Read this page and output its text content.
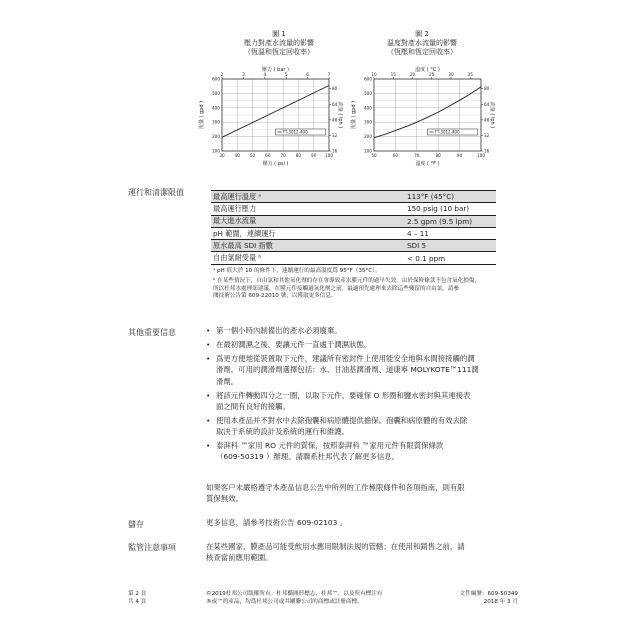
圖 1
壓力對產水流量的影響
（恆溫和恆定回收率）
圖 2
溫度對產水流量的影響
（恆壓和恆定回收率）
30 40 50 60 70 80 90 100
2	3	4	5	6	7
100
200
300
400
500
600
16
32
48
64
80
壓力 ( psi )
壓力 ( bar )
流量 ( gpd )	流量 ( lph )
TT-3012-400
50	60	70	80	90	100
10	15	20	25	30	35
100
200
300
400
500
600
16
32
48
64
80
溫度 ( °F )
溫度 ( °C )
流量 ( gpd )	流量 ( lph )
TT-3012-400
運行和清潔限值	最高運行溫度 ᵃ	113°F (45°C)
最高運行壓力	150 psig (10 bar)
最大進水流量	2.5 gpm (9.5 lpm)
pH 範圍，連續運行	4 – 11
原水最高 SDI 指數	SDI 5
自由氯耐受量 ᵇ	< 0.1 ppm
ᵃ pH 值大於 10 的條件下，連續運行的最高溫度爲 95°F（35°C）。
ᵇ 在某些情況下，自由氯和其他氧化劑的存在會導致產水膜元件的過早失效。由於保修條款不包含氧化損傷，
所以杜邦水處理部建議，在膜元件接觸過氧化劑之前，最適預先處理來去除這些殘留的自由氯。請參
閱技術公告第 609-22010 號，以獲取更多信息。
其他重要信息	• 第一個小時內制備出的產水必須廢棄。
• 在最初潤濕之後，要讓元件一直處于潤濕狀態。
• 爲更方便地從裝置取下元件，建議所有密封件上使用能安全地與水間接接觸的潤
滑劑。可用的潤滑劑選擇包括：水、甘油基潤滑劑、道康寧 MOLYKOTE™111潤
滑劑。
• 將該元件轉動四分之一圈，以取下元件。要確保 O 形圈和鹽水密封與其連接表
面之間有良好的接觸。
• 使用本產品并不對水中去除孢囊和病原體提供擔保。孢囊和病原體的有效去除
取決于系統的設計及系統的運行和維護。
• 泰湃科 ™家用 RO 元件的質保，按照泰湃科 ™家用元件有限質保條款
（609-50319 ）辦理。請聯系杜邦代表了解更多信息。
如果客户未嚴格遵守本產品信息公告中所列的工作極限條件和各項指南，則有限
質保無效。
儲存	更多信息，請參考技術公告 609-02103 。
監管注意事項	在某些國家，膜產品可能受飲用水應用限制法規的管轄；在使用和銷售之前，請
核查當前應用範圍。
第 2 頁
共 4 頁
©2019杜邦公司版權所有。杜邦橢圓形標志、杜邦™、以及所有標注有
®或™的產品，均爲杜邦公司或其關聯公司的商標或註冊商標。
文件編號：609-50349
2018 年 3 月
